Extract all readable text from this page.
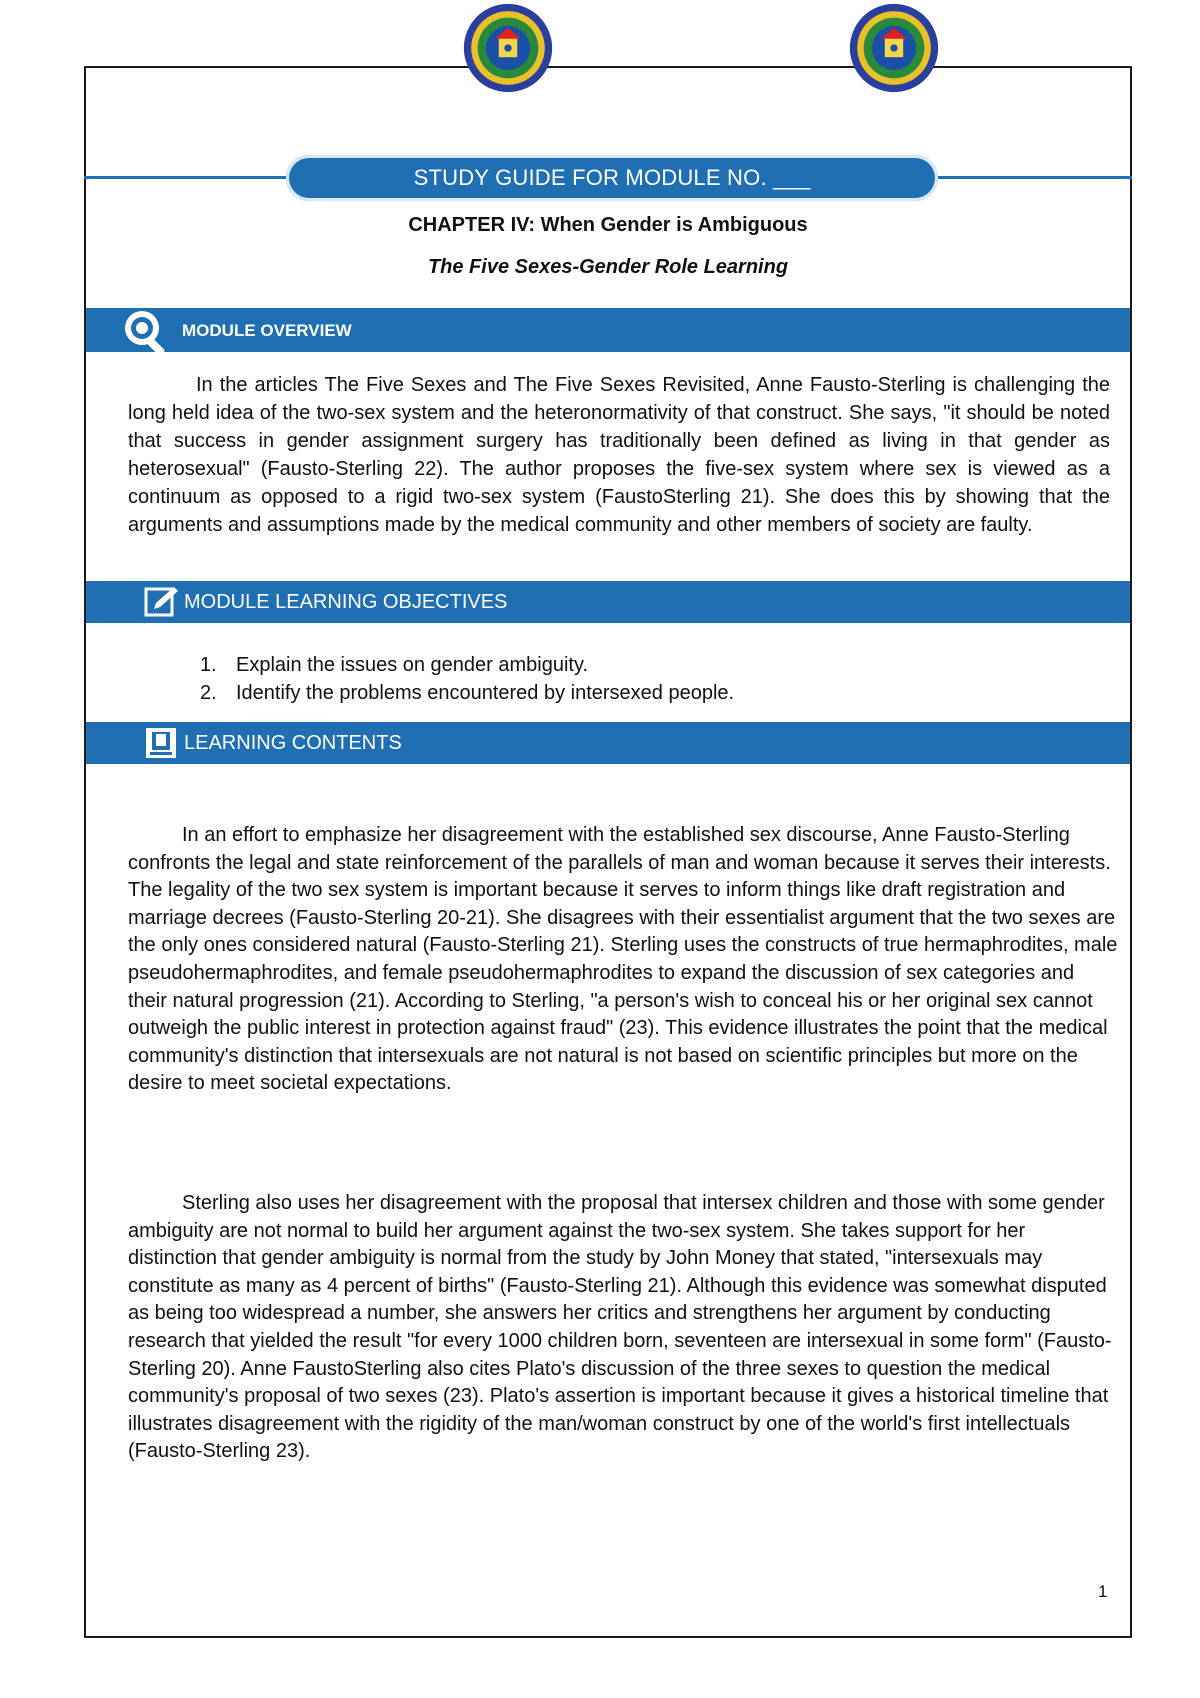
STUDY GUIDE FOR MODULE NO. ___
CHAPTER IV: When Gender is Ambiguous
The Five Sexes-Gender Role Learning
MODULE OVERVIEW
In the articles The Five Sexes and The Five Sexes Revisited, Anne Fausto-Sterling is challenging the long held idea of the two-sex system and the heteronormativity of that construct. She says, "it should be noted that success in gender assignment surgery has traditionally been defined as living in that gender as heterosexual" (Fausto-Sterling 22). The author proposes the five-sex system where sex is viewed as a continuum as opposed to a rigid two-sex system (FaustoSterling 21). She does this by showing that the arguments and assumptions made by the medical community and other members of society are faulty.
MODULE LEARNING OBJECTIVES
1. Explain the issues on gender ambiguity.
2. Identify the problems encountered by intersexed people.
LEARNING CONTENTS
In an effort to emphasize her disagreement with the established sex discourse, Anne Fausto-Sterling confronts the legal and state reinforcement of the parallels of man and woman because it serves their interests. The legality of the two sex system is important because it serves to inform things like draft registration and marriage decrees (Fausto-Sterling 20-21). She disagrees with their essentialist argument that the two sexes are the only ones considered natural (Fausto-Sterling 21). Sterling uses the constructs of true hermaphrodites, male pseudohermaphrodites, and female pseudohermaphrodites to expand the discussion of sex categories and their natural progression (21). According to Sterling, "a person's wish to conceal his or her original sex cannot outweigh the public interest in protection against fraud" (23). This evidence illustrates the point that the medical community's distinction that intersexuals are not natural is not based on scientific principles but more on the desire to meet societal expectations.
Sterling also uses her disagreement with the proposal that intersex children and those with some gender ambiguity are not normal to build her argument against the two-sex system. She takes support for her distinction that gender ambiguity is normal from the study by John Money that stated, "intersexuals may constitute as many as 4 percent of births" (Fausto-Sterling 21). Although this evidence was somewhat disputed as being too widespread a number, she answers her critics and strengthens her argument by conducting research that yielded the result "for every 1000 children born, seventeen are intersexual in some form" (Fausto-Sterling 20). Anne FaustoSterling also cites Plato's discussion of the three sexes to question the medical community's proposal of two sexes (23). Plato's assertion is important because it gives a historical timeline that illustrates disagreement with the rigidity of the man/woman construct by one of the world's first intellectuals (Fausto-Sterling 23).
1
